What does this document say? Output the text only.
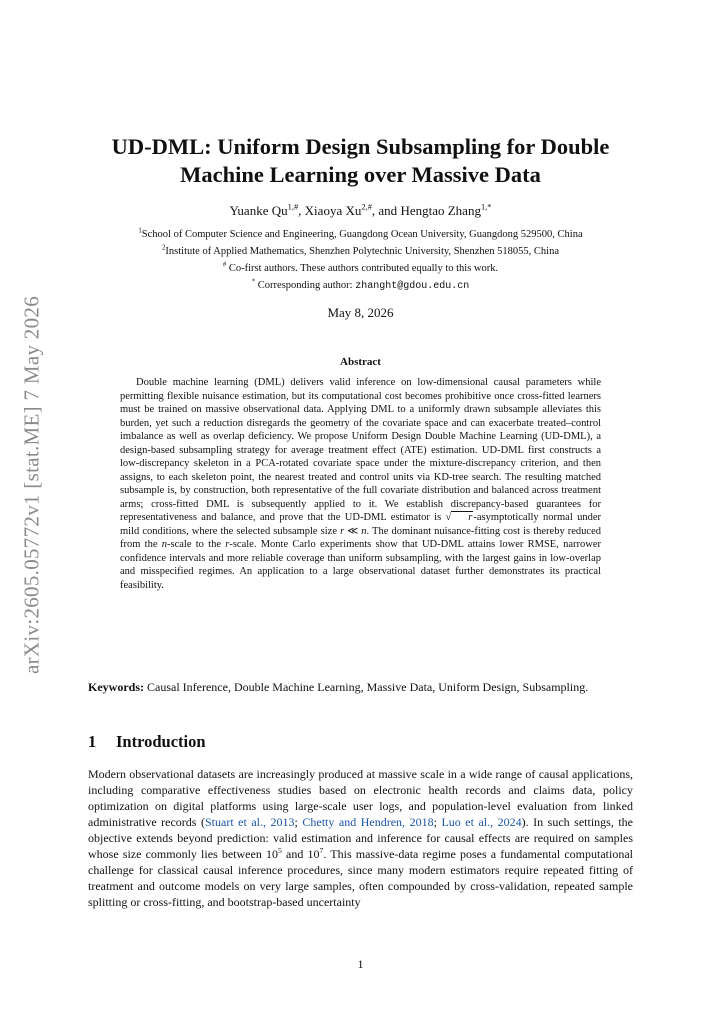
arXiv:2605.05772v1 [stat.ME] 7 May 2026
UD-DML: Uniform Design Subsampling for Double
Machine Learning over Massive Data
Yuanke $Qu^{1,\#}$, Xiaoya $Xu^{2,\#}$, and Hengtao Zhang$^{1,*}$
$^1$School of Computer Science and Engineering, Guangdong Ocean University, Guangdong 529500, China
$^2$Institute of Applied Mathematics, Shenzhen Polytechnic University, Shenzhen 518055, China
# Co-first authors. These authors contributed equally to this work.
* Corresponding author: zhanght@gdou.edu.cn
May 8, 2026
Abstract
Double machine learning (DML) delivers valid inference on low-dimensional causal parameters while permitting flexible nuisance estimation, but its computational cost becomes prohibitive once cross-fitted learners must be trained on massive observational data. Applying DML to a uniformly drawn subsample alleviates this burden, yet such a reduction disregards the geometry of the covariate space and can exacerbate treated–control imbalance as well as overlap deficiency. We propose Uniform Design Double Machine Learning (UD-DML), a design-based subsampling strategy for average treatment effect (ATE) estimation. UD-DML first constructs a low-discrepancy skeleton in a PCA-rotated covariate space under the mixture-discrepancy criterion, and then assigns, to each skeleton point, the nearest treated and control units via KD-tree search. The resulting matched subsample is, by construction, both representative of the full covariate distribution and balanced across treatment arms; cross-fitted DML is subsequently applied to it. We establish discrepancy-based guarantees for representativeness and balance, and prove that the UD-DML estimator is √ r-asymptotically normal under mild conditions, where the selected subsample size r ≪ n. The dominant nuisance-fitting cost is thereby reduced from the n-scale to the r-scale. Monte Carlo experiments show that UD-DML attains lower RMSE, narrower confidence intervals and more reliable coverage than uniform subsampling, with the largest gains in low-overlap and misspecified regimes. An application to a large observational dataset further demonstrates its practical feasibility.
Keywords: Causal Inference, Double Machine Learning, Massive Data, Uniform Design, Subsampling.
1 Introduction
Modern observational datasets are increasingly produced at massive scale in a wide range of causal applications, including comparative effectiveness studies based on electronic health records and claims data, policy optimization on digital platforms using large-scale user logs, and population-level evaluation from linked administrative records (Stuart et al., 2013; Chetty and Hendren, 2018; Luo et al., 2024). In such settings, the objective extends beyond prediction: valid estimation and inference for causal effects are required on samples whose size commonly lies between $10^5$ and $10^7$. This massive-data regime poses a fundamental computational challenge for classical causal inference procedures, since many modern estimators require repeated fitting of treatment and outcome models on very large samples, often compounded by cross-validation, repeated sample splitting or cross-fitting, and bootstrap-based uncertainty
1
